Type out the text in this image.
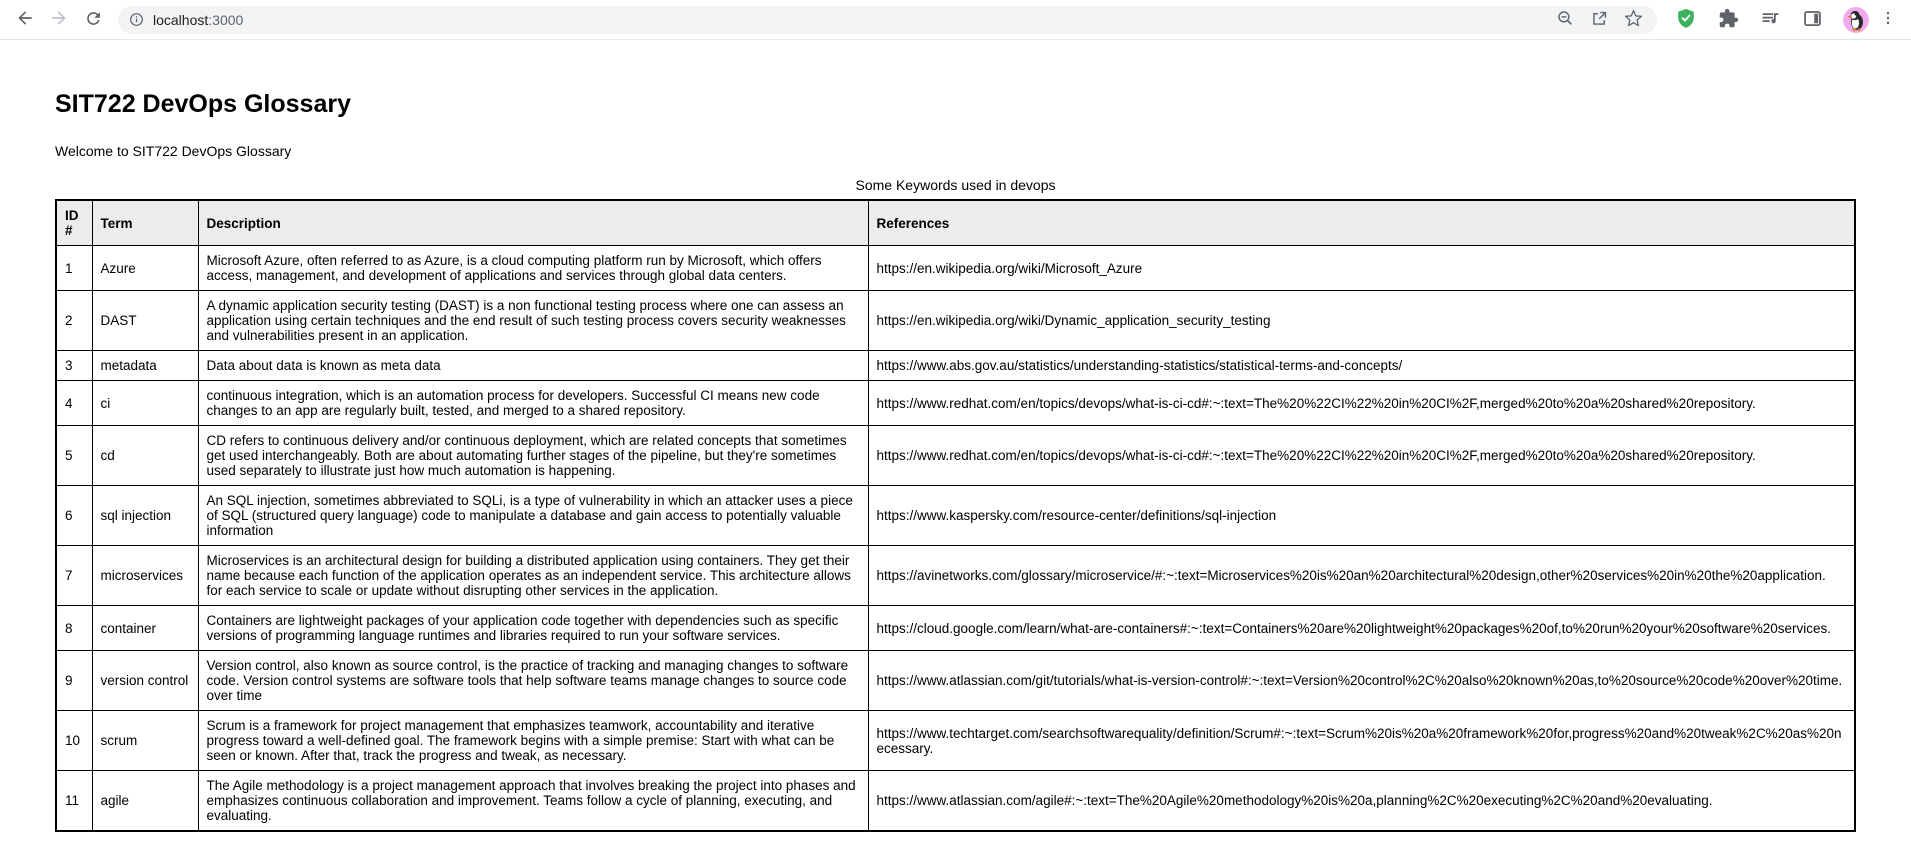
localhost :3000
SIT722 DevOps Glossary

Welcome to SIT722 DevOps Glossary

Some Keywords used in devops
ID#	Term	Description	References
1	Azure	Microsoft Azure, often referred to as Azure, is a cloud computing platform run by Microsoft, which offers access, management, and development of applications and services through global data centers.	https://en.wikipedia.org/wiki/Microsoft_Azure
2	DAST	A dynamic application security testing (DAST) is a non functional testing process where one can assess an application using certain techniques and the end result of such testing process covers security weaknesses and vulnerabilities present in an application.	https://en.wikipedia.org/wiki/Dynamic_application_security_testing
3	metadata	Data about data is known as meta data	https://www.abs.gov.au/statistics/understanding-statistics/statistical-terms-and-concepts/
4	ci	continuous integration, which is an automation process for developers. Successful CI means new code changes to an app are regularly built, tested, and merged to a shared repository.	https://www.redhat.com/en/topics/devops/what-is-ci-cd#:~:text=The%20%22CI%22%20in%20CI%2F,merged%20to%20a%20shared%20repository.
5	cd	CD refers to continuous delivery and/or continuous deployment, which are related concepts that sometimes get used interchangeably. Both are about automating further stages of the pipeline, but they're sometimes used separately to illustrate just how much automation is happening.	https://www.redhat.com/en/topics/devops/what-is-ci-cd#:~:text=The%20%22CI%22%20in%20CI%2F,merged%20to%20a%20shared%20repository.
6	sql injection	An SQL injection, sometimes abbreviated to SQLi, is a type of vulnerability in which an attacker uses a piece of SQL (structured query language) code to manipulate a database and gain access to potentially valuable information	https://www.kaspersky.com/resource-center/definitions/sql-injection
7	microservices	Microservices is an architectural design for building a distributed application using containers. They get their name because each function of the application operates as an independent service. This architecture allows for each service to scale or update without disrupting other services in the application.	https://avinetworks.com/glossary/microservice/#:~:text=Microservices%20is%20an%20architectural%20design,other%20services%20in%20the%20application.
8	container	Containers are lightweight packages of your application code together with dependencies such as specific versions of programming language runtimes and libraries required to run your software services.	https://cloud.google.com/learn/what-are-containers#:~:text=Containers%20are%20lightweight%20packages%20of,to%20run%20your%20software%20services.
9	version control	Version control, also known as source control, is the practice of tracking and managing changes to software code. Version control systems are software tools that help software teams manage changes to source code over time	https://www.atlassian.com/git/tutorials/what-is-version-control#:~:text=Version%20control%2C%20also%20known%20as,to%20source%20code%20over%20time.
10	scrum	Scrum is a framework for project management that emphasizes teamwork, accountability and iterative progress toward a well-defined goal. The framework begins with a simple premise: Start with what can be seen or known. After that, track the progress and tweak, as necessary.	https://www.techtarget.com/searchsoftwarequality/definition/Scrum#:~:text=Scrum%20is%20a%20framework%20for,progress%20and%20tweak%2C%20as%20necessary.
11	agile	The Agile methodology is a project management approach that involves breaking the project into phases and emphasizes continuous collaboration and improvement. Teams follow a cycle of planning, executing, and evaluating.	https://www.atlassian.com/agile#:~:text=The%20Agile%20methodology%20is%20a,planning%2C%20executing%2C%20and%20evaluating.
